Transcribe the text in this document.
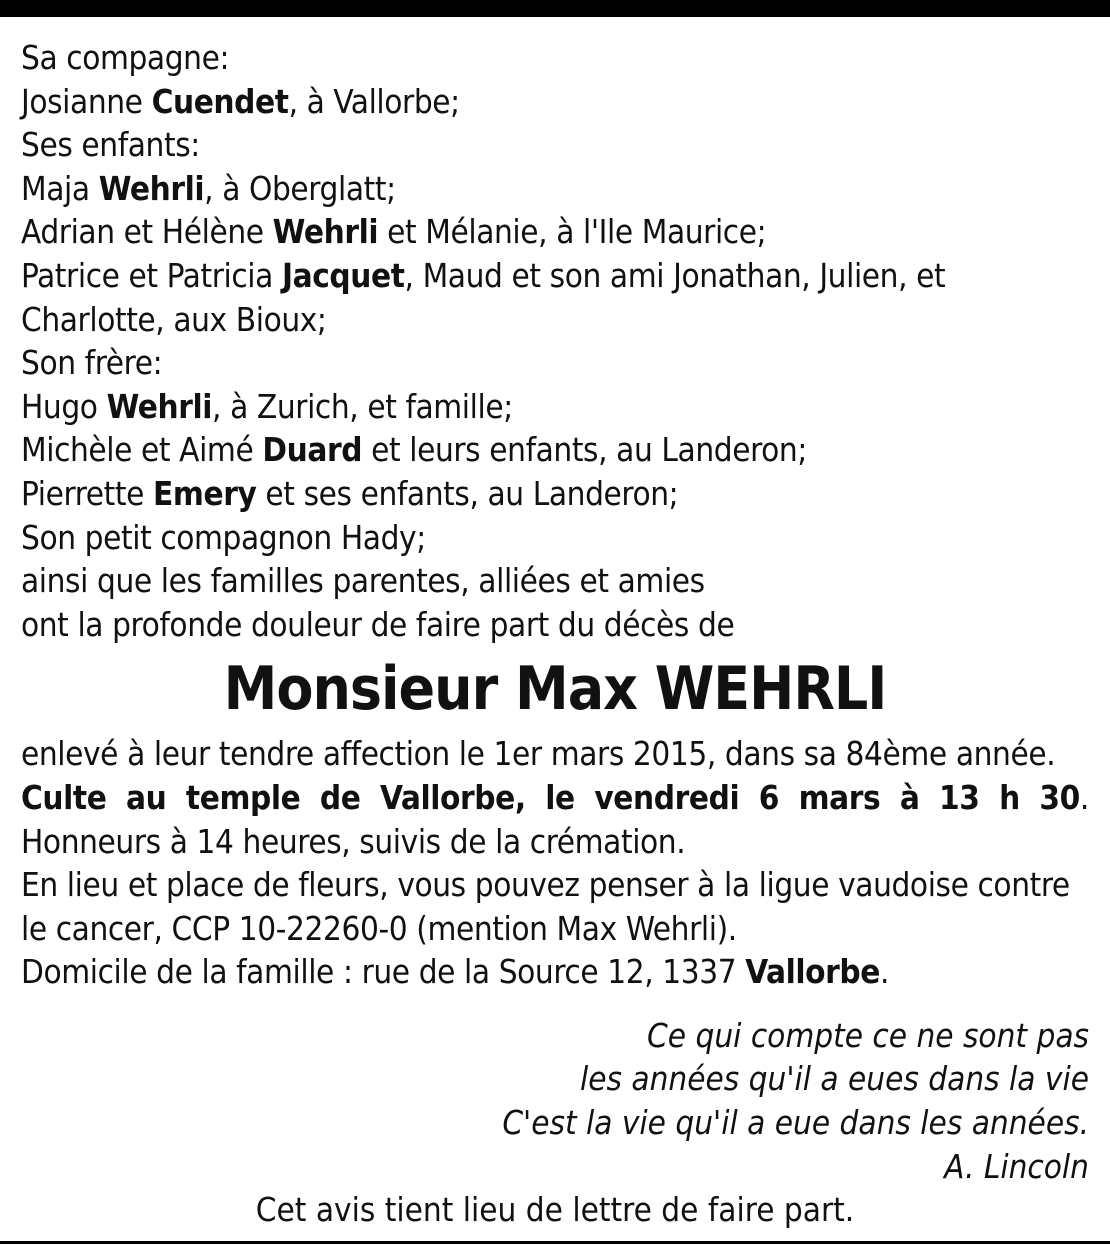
Sa compagne:
Josianne Cuendet, à Vallorbe;
Ses enfants:
Maja Wehrli, à Oberglatt;
Adrian et Hélène Wehrli et Mélanie, à l'Ile Maurice;
Patrice et Patricia Jacquet, Maud et son ami Jonathan, Julien, et
Charlotte, aux Bioux;
Son frère:
Hugo Wehrli, à Zurich, et famille;
Michèle et Aimé Duard et leurs enfants, au Landeron;
Pierrette Emery et ses enfants, au Landeron;
Son petit compagnon Hady;
ainsi que les familles parentes, alliées et amies
ont la profonde douleur de faire part du décès de
Monsieur Max WEHRLI
enlevé à leur tendre affection le 1er mars 2015, dans sa 84ème année.
Culte au temple de Vallorbe, le vendredi 6 mars à 13 h 30.
Honneurs à 14 heures, suivis de la crémation.
En lieu et place de fleurs, vous pouvez penser à la ligue vaudoise contre
le cancer, CCP 10-22260-0 (mention Max Wehrli).
Domicile de la famille : rue de la Source 12, 1337 Vallorbe.
Ce qui compte ce ne sont pas
les années qu'il a eues dans la vie
C'est la vie qu'il a eue dans les années.
A. Lincoln
Cet avis tient lieu de lettre de faire part.
